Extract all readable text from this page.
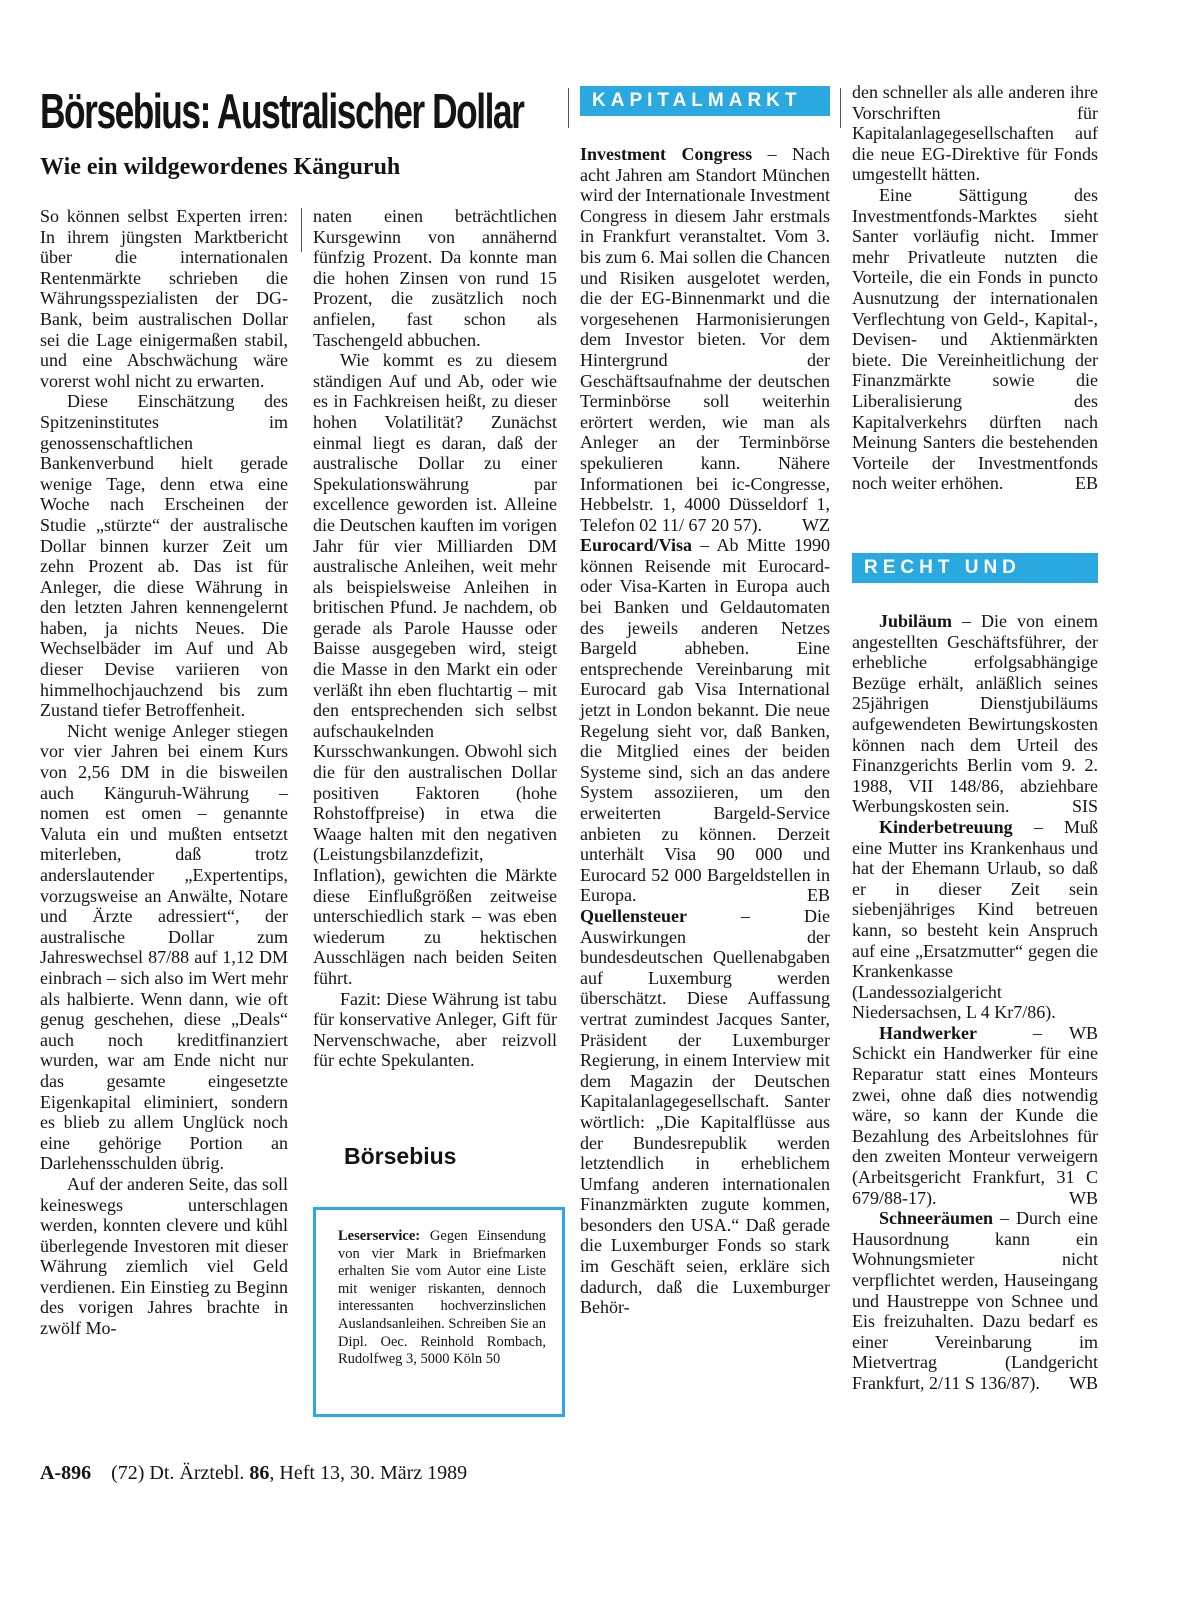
Börsebius: Australischer Dollar
Wie ein wildgewordenes Känguruh

So können selbst Experten irren: In ihrem jüngsten Marktbericht über die internationalen Rentenmärkte schrieben die Währungsspezialisten der DG-Bank, beim australischen Dollar sei die Lage einigermaßen stabil, und eine Abschwächung wäre vorerst wohl nicht zu erwarten.

Diese Einschätzung des Spitzeninstitutes im genossenschaftlichen Bankenverbund hielt gerade wenige Tage, denn etwa eine Woche nach Erscheinen der Studie „stürzte“ der australische Dollar binnen kurzer Zeit um zehn Prozent ab. Das ist für Anleger, die diese Währung in den letzten Jahren kennengelernt haben, ja nichts Neues. Die Wechselbäder im Auf und Ab dieser Devise variieren von himmelhochjauchzend bis zum Zustand tiefer Betroffenheit.

Nicht wenige Anleger stiegen vor vier Jahren bei einem Kurs von 2,56 DM in die bisweilen auch Känguruh-Währung – nomen est omen – genannte Valuta ein und mußten entsetzt miterleben, daß trotz anderslautender „Expertentips, vorzugsweise an Anwälte, Notare und Ärzte adressiert“, der australische Dollar zum Jahreswechsel 87/88 auf 1,12 DM einbrach – sich also im Wert mehr als halbierte. Wenn dann, wie oft genug geschehen, diese „Deals“ auch noch kreditfinanziert wurden, war am Ende nicht nur das gesamte eingesetzte Eigenkapital eliminiert, sondern es blieb zu allem Unglück noch eine gehörige Portion an Darlehensschulden übrig.

Auf der anderen Seite, das soll keineswegs unterschlagen werden, konnten clevere und kühl überlegende Investoren mit dieser Währung ziemlich viel Geld verdienen. Ein Einstieg zu Beginn des vorigen Jahres brachte in zwölf Mo-

naten einen beträchtlichen Kursgewinn von annähernd fünfzig Prozent. Da konnte man die hohen Zinsen von rund 15 Prozent, die zusätzlich noch anfielen, fast schon als Taschengeld abbuchen.

Wie kommt es zu diesem ständigen Auf und Ab, oder wie es in Fachkreisen heißt, zu dieser hohen Volatilität? Zunächst einmal liegt es daran, daß der australische Dollar zu einer Spekulationswährung par excellence geworden ist. Alleine die Deutschen kauften im vorigen Jahr für vier Milliarden DM australische Anleihen, weit mehr als beispielsweise Anleihen in britischen Pfund. Je nachdem, ob gerade als Parole Hausse oder Baisse ausgegeben wird, steigt die Masse in den Markt ein oder verläßt ihn eben fluchtartig – mit den entsprechenden sich selbst aufschaukelnden Kursschwankungen. Obwohl sich die für den australischen Dollar positiven Faktoren (hohe Rohstoffpreise) in etwa die Waage halten mit den negativen (Leistungsbilanzdefizit, Inflation), gewichten die Märkte diese Einflußgrößen zeitweise unterschiedlich stark – was eben wiederum zu hektischen Ausschlägen nach beiden Seiten führt.

Fazit: Diese Währung ist tabu für konservative Anleger, Gift für Nervenschwache, aber reizvoll für echte Spekulanten.

Börsebius
Leserservice: Gegen Einsendung von vier Mark in Briefmarken erhalten Sie vom Autor eine Liste mit weniger riskanten, dennoch interessanten hochverzinslichen Auslandsanleihen. Schreiben Sie an Dipl. Oec. Reinhold Rombach, Rudolfweg 3, 5000 Köln 50
KAPITALMARKT

Investment Congress – Nach acht Jahren am Standort München wird der Internationale Investment Congress in diesem Jahr erstmals in Frankfurt veranstaltet. Vom 3. bis zum 6. Mai sollen die Chancen und Risiken ausgelotet werden, die der EG-Binnenmarkt und die vorgesehenen Harmonisierungen dem Investor bieten. Vor dem Hintergrund der Geschäftsaufnahme der deutschen Terminbörse soll weiterhin erörtert werden, wie man als Anleger an der Terminbörse spekulieren kann. Nähere Informationen bei ic-Congresse, Hebbelstr. 1, 4000 Düsseldorf 1, Telefon 02 11/ 67 20 57). WZ

Eurocard/Visa – Ab Mitte 1990 können Reisende mit Eurocard- oder Visa-Karten in Europa auch bei Banken und Geldautomaten des jeweils anderen Netzes Bargeld abheben. Eine entsprechende Vereinbarung mit Eurocard gab Visa International jetzt in London bekannt. Die neue Regelung sieht vor, daß Banken, die Mitglied eines der beiden Systeme sind, sich an das andere System assoziieren, um den erweiterten Bargeld-Service anbieten zu können. Derzeit unterhält Visa 90 000 und Eurocard 52 000 Bargeldstellen in Europa.	EB

Quellensteuer – Die Auswirkungen der bundesdeutschen Quellenabgaben auf Luxemburg werden überschätzt. Diese Auffassung vertrat zumindest Jacques Santer, Präsident der Luxemburger Regierung, in einem Interview mit dem Magazin der Deutschen Kapitalanlagegesellschaft. Santer wörtlich: „Die Kapitalflüsse aus der Bundesrepublik werden letztendlich in erheblichem Umfang anderen internationalen Finanzmärkten zugute kommen, besonders den USA.“ Daß gerade die Luxemburger Fonds so stark im Geschäft seien, erkläre sich dadurch, daß die Luxemburger Behör-

den schneller als alle anderen ihre Vorschriften für Kapitalanlagegesellschaften auf die neue EG-Direktive für Fonds umgestellt hätten.

Eine Sättigung des Investmentfonds-Marktes sieht Santer vorläufig nicht. Immer mehr Privatleute nutzten die Vorteile, die ein Fonds in puncto Ausnutzung der internationalen Verflechtung von Geld-, Kapital-, Devisen- und Aktienmärkten biete. Die Vereinheitlichung der Finanzmärkte sowie die Liberalisierung des Kapitalverkehrs dürften nach Meinung Santers die bestehenden Vorteile der Investmentfonds noch weiter erhöhen.	EB

RECHT UND STEUER

Jubiläum – Die von einem angestellten Geschäftsführer, der erhebliche erfolgsabhängige Bezüge erhält, anläßlich seines 25jährigen Dienstjubiläums aufgewendeten Bewirtungskosten können nach dem Urteil des Finanzgerichts Berlin vom 9. 2. 1988, VII 148/86, abziehbare Werbungskosten sein.	SIS

Kinderbetreuung – Muß eine Mutter ins Krankenhaus und hat der Ehemann Urlaub, so daß er in dieser Zeit sein siebenjähriges Kind betreuen kann, so besteht kein Anspruch auf eine „Ersatzmutter“ gegen die Krankenkasse (Landessozialgericht Niedersachsen, L 4 Kr7/86).
WB

Handwerker – Schickt ein Handwerker für eine Reparatur statt eines Monteurs zwei, ohne daß dies notwendig wäre, so kann der Kunde die Bezahlung des Arbeitslohnes für den zweiten Monteur verweigern (Arbeitsgericht Frankfurt, 31 C 679/88-17).	WB

Schneeräumen – Durch eine Hausordnung kann ein Wohnungsmieter nicht verpflichtet werden, Hauseingang und Haustreppe von Schnee und Eis freizuhalten. Dazu bedarf es einer Vereinbarung im Mietvertrag (Landgericht Frankfurt, 2/11 S 136/87).	WB

A-896 (72) Dt. Ärztebl. 86, Heft 13, 30. März 1989
